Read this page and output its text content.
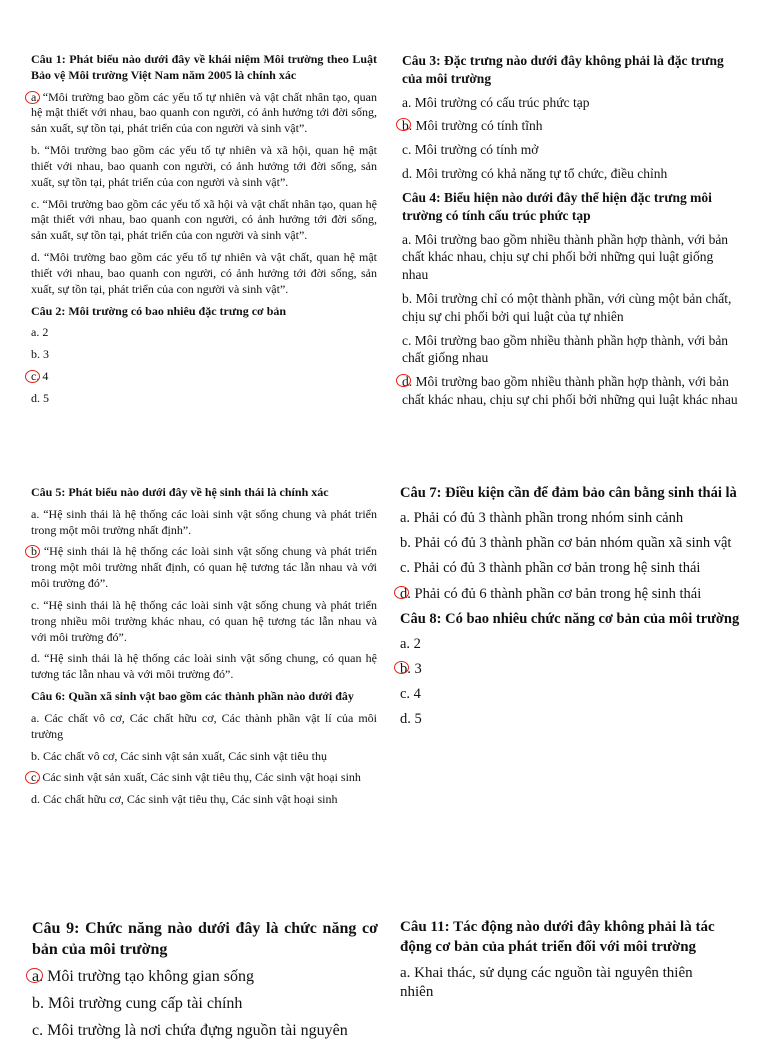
Câu 1: Phát biểu nào dưới đây về khái niệm Môi trường theo Luật Bảo vệ Môi trường Việt Nam năm 2005 là chính xác
a. “Môi trường bao gồm các yếu tố tự nhiên và vật chất nhân tạo, quan hệ mật thiết với nhau, bao quanh con người, có ảnh hưởng tới đời sống, sản xuất, sự tồn tại, phát triển của con người và sinh vật”.
b. “Môi trường bao gồm các yếu tố tự nhiên và xã hội, quan hệ mật thiết với nhau, bao quanh con người, có ảnh hưởng tới đời sống, sản xuất, sự tồn tại, phát triển của con người và sinh vật”.
c. “Môi trường bao gồm các yếu tố xã hội và vật chất nhân tạo, quan hệ mật thiết với nhau, bao quanh con người, có ảnh hưởng tới đời sống, sản xuất, sự tồn tại, phát triển của con người và sinh vật”.
d. “Môi trường bao gồm các yếu tố tự nhiên và vật chất, quan hệ mật thiết với nhau, bao quanh con người, có ảnh hưởng tới đời sống, sản xuất, sự tồn tại, phát triển của con người và sinh vật”.
Câu 2: Môi trường có bao nhiêu đặc trưng cơ bản
a. 2
b. 3
c. 4
d. 5
Câu 3: Đặc trưng nào dưới đây không phải là đặc trưng của môi trường
a. Môi trường có cấu trúc phức tạp
b. Môi trường có tính tĩnh
c. Môi trường có tính mở
d. Môi trường có khả năng tự tổ chức, điều chỉnh
Câu 4: Biểu hiện nào dưới đây thể hiện đặc trưng môi trường có tính cấu trúc phức tạp
a. Môi trường bao gồm nhiều thành phần hợp thành, với bản chất khác nhau, chịu sự chi phối bởi những qui luật giống nhau
b. Môi trường chỉ có một thành phần, với cùng một bản chất, chịu sự chi phối bởi qui luật của tự nhiên
c. Môi trường bao gồm nhiều thành phần hợp thành, với bản chất giống nhau
d. Môi trường bao gồm nhiều thành phần hợp thành, với bản chất khác nhau, chịu sự chi phối bởi những qui luật khác nhau
Câu 5: Phát biểu nào dưới đây về hệ sinh thái là chính xác
a. “Hệ sinh thái là hệ thống các loài sinh vật sống chung và phát triển trong một môi trường nhất định”.
b. “Hệ sinh thái là hệ thống các loài sinh vật sống chung và phát triển trong một môi trường nhất định, có quan hệ tương tác lẫn nhau và với môi trường đó”.
c. “Hệ sinh thái là hệ thống các loài sinh vật sống chung và phát triển trong nhiều môi trường khác nhau, có quan hệ tương tác lẫn nhau và với môi trường đó”.
d. “Hệ sinh thái là hệ thống các loài sinh vật sống chung, có quan hệ tương tác lẫn nhau và với môi trường đó”.
Câu 6: Quần xã sinh vật bao gồm các thành phần nào dưới đây
a. Các chất vô cơ, Các chất hữu cơ, Các thành phần vật lí của môi trường
b. Các chất vô cơ, Các sinh vật sản xuất, Các sinh vật tiêu thụ
c. Các sinh vật sản xuất, Các sinh vật tiêu thụ, Các sinh vật hoại sinh
d. Các chất hữu cơ, Các sinh vật tiêu thụ, Các sinh vật hoại sinh
Câu 7: Điều kiện cần để đảm bảo cân bằng sinh thái là
a. Phải có đủ 3 thành phần trong nhóm sinh cảnh
b. Phải có đủ 3 thành phần cơ bản nhóm quần xã sinh vật
c. Phải có đủ 3 thành phần cơ bản trong hệ sinh thái
d. Phải có đủ 6 thành phần cơ bản trong hệ sinh thái
Câu 8: Có bao nhiêu chức năng cơ bản của môi trường
a. 2
b. 3
c. 4
d. 5
Câu 9: Chức năng nào dưới đây là chức năng cơ bản của môi trường
a. Môi trường tạo không gian sống
b. Môi trường cung cấp tài chính
c. Môi trường là nơi chứa đựng nguồn tài nguyên
Câu 11: Tác động nào dưới đây không phải là tác động cơ bản của phát triển đối với môi trường
a. Khai thác, sử dụng các nguồn tài nguyên thiên nhiên
